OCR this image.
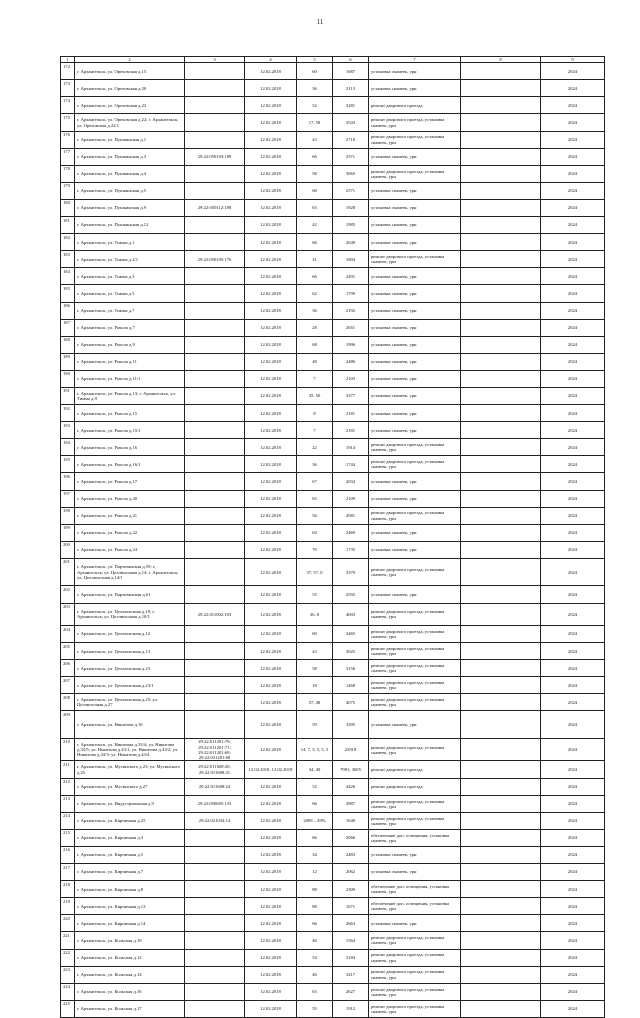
11
1	2	3	4	5	6	7	8	9
172	г. Архангельск, ул. Ореховская д.15		12.02.2018	60	1687	установка скамеек, урн		2024
173	г. Архангельск, ул. Ореховская д.20		12.02.2018	36	2113	установка скамеек, урн		2024
174	г. Архангельск, ул. Ореховская д.22		12.02.2018	52	3281	ремонт дворового проезда		2024
175	г. Архангельск, ул. Ореховская д.22; г. Архангельск, ул. Ореховская д.22/1		12.02.2018	17, 58	3543	ремонт дворового проезда, установка скамеек, урн		2024
176	г. Архангельск, ул. Пушкинская д.1		12.02.2018	43	2710	ремонт дворового проезда, установка скамеек, урн		2024
177	г. Архангельск, ул. Пушкинская д.3	29:22:050103:189	12.02.2018	66	2571	установка скамеек, урн		2024
178	г. Архангельск, ул. Пушкинская д.4		12.02.2018	58	3065	ремонт дворового проезда, установка скамеек, урн		2024
179	г. Архангельск, ул. Пушкинская д.5		12.02.2018	68	2571	установка скамеек, урн		2024
180	г. Архангельск, ул. Пушкинская д.9	29:22:050112:188	12.02.2018	63	1928	установка скамеек, урн		2024
181	г. Архангельск, ул. Пушкинская д.12		12.02.2018	42	1985	установка скамеек, урн		2024
182	г. Архангельск, ул. Тимма д.1		12.02.2018	66	2649	установка скамеек, урн		2024
183	г. Архангельск, ул. Тимма д.2/1	29:22:050105:176	12.02.2018	31	1804	ремонт дворового проезда, установка скамеек, урн		2024
184	г. Архангельск, ул. Тимма д.3		12.02.2018	66	2491	установка скамеек, урн		2024
185	г. Архангельск, ул. Тимма д.5		12.02.2018	62	1799	установка скамеек, урн		2024
186	г. Архангельск, ул. Тимма д.7		12.02.2018	36	2192	установка скамеек, урн		2024
187	г. Архангельск, ул. Рокола д.7		12.02.2018	28	2651	установка скамеек, урн		2024
188	г. Архангельск, ул. Рокола д.9		12.02.2018	68	1996	установка скамеек, урн		2024
189	г. Архангельск, ул. Рокола д.11		12.02.2018	48	2486	установка скамеек, урн		2024
190	г. Архангельск, ул. Рокола д.11/1		12.02.2018	7	2103	установка скамеек, урн		2024
191	г. Архангельск, ул. Рокола д.13; г. Архангельск, ул. Тимма д.9		12.02.2018	35, 50	3377	установка скамеек, урн		2024
192	г. Архангельск, ул. Рокола д.15		12.02.2018	8	2181	установка скамеек, урн		2024
193	г. Архангельск, ул. Рокола д.15/1		12.02.2018	7	2181	установка скамеек, урн		2024
194	г. Архангельск, ул. Рокола д.16		12.02.2018	22	1914	ремонт дворового проезда, установка скамеек, урн		2024
195	г. Архангельск, ул. Рокола д.16/1		12.02.2018	36	1744	ремонт дворового проезда, установка скамеек, урн		2024
196	г. Архангельск, ул. Рокола д.17		12.02.2018	67	2034	установка скамеек, урн		2024
197	г. Архангельск, ул. Рокола д.20		12.02.2018	65	2109	установка скамеек, урн		2024
198	г. Архангельск, ул. Рокола д.21		12.02.2018	56	2081	ремонт дворового проезда, установка скамеек, урн		2024
199	г. Архангельск, ул. Рокола д.22		12.02.2018	64	2469	установка скамеек, урн		2024
200	г. Архангельск, ул. Рокола д.24		12.02.2018	70	1735	установка скамеек, урн		2024
201	г. Архангельск, ул. Партизанская д.59; г. Архангельск, ул. Целлюлозная д.14; г. Архангельск, ул. Целлюлозная д.14/1		12.02.2018	37, 57, 0	3379	ремонт дворового проезда, установка скамеек, урн		2024
202	г. Архангельск, ул. Партизанская д.61		12.02.2018	55	2592	установка скамеек, урн		2024
203	г. Архангельск, ул. Целлюлозная д.10; г. Архангельск, ул. Целлюлозная д.10/1	29:22:011002:103	12.02.2018	36, 8	4003	ремонт дворового проезда, установка скамеек, урн		2024
204	г. Архангельск, ул. Целлюлозная д.12		12.02.2018	60	3465	ремонт дворового проезда, установка скамеек, урн		2024
205	г. Архангельск, ул. Целлюлозная д.13		12.02.2018	43	3025	ремонт дворового проезда, установка скамеек, урн		2024
206	г. Архангельск, ул. Целлюлозная д.23		12.02.2018	58	3156	ремонт дворового проезда, установка скамеек, урн		2024
207	г. Архангельск, ул. Целлюлозная д.23/1		12.02.2018	18	1468	ремонт дворового проезда, установка скамеек, урн		2024
208	г. Архангельск, ул. Целлюлозная д.25; ул. Целлюлозная д.27		12.02.2018	57, 48	4075	ремонт дворового проезда, установка скамеек, урн		2024
209	г. Архангельск, ул. Никитова д.16		12.02.2018	59	3305	установка скамеек, урн		2024
210	г. Архангельск, ул. Никитова д.33/4; ул. Никитова д.33/5; ул. Никитова д.43/1; ул. Никитова д.43/2; ул. Никитова д.43/3; ул. Никитова д.43/4	29:22:011201:70; 29:22:011201:71; 29:22:011201:69; 29:22:031201:68	12.02.2018	14, 7, 5, 5, 5, 5	22918	ремонт дворового проезда, установка скамеек, урн		2024
211	г. Архангельск, ул. Мусинского д.23; ул. Мусинского д.25	29:22:011608:20; 29:22:011608:21	12.02.2018, 12.02.2018	34, 40	7981; 3695	ремонт дворового проезда		2024
212	г. Архангельск, ул. Мусинского д.27	29:22:011608:24	12.02.2018	52	4426	ремонт дворового проезда		2024
213	г. Архангельск, ул. Индустриальная д.9	29:22:050605:133	12.02.2018	66	3987	ремонт дворового проезда, установка скамеек, урн		2024
214	г. Архангельск, ул. Кирпичная д.25	29:22:021034:14	12.02.2018	2009 – 49%	1640	ремонт дворового проезда, установка скамеек, урн		2024
215	г. Архангельск, ул. Кирпичная д.3		12.02.2018	66	2066	обеспечение доп. освещения, установка скамеек, урн		2024
216	г. Архангельск, ул. Кирпичная д.5		12.02.2018	34	2483	установка скамеек, урн		2024
217	г. Архангельск, ул. Кирпичная д.7		12.02.2018	12	2062	установка скамеек, урн		2024
218	г. Архангельск, ул. Кирпичная д.8		12.02.2018	88	2309	обеспечение доп. освещения, установка скамеек, урн		2024
219	г. Архангельск, ул. Кирпичная д.13		12.02.2018	88	1671	обеспечение доп. освещения, установка скамеек, урн		2024
220	г. Архангельск, ул. Кирпичная д.14		12.02.2018	66	2663	установка скамеек, урн		2024
221	г. Архангельск, ул. Кольская д.10		12.02.2018	46	1564	ремонт дворового проезда, установка скамеек, урн		2024
222	г. Архангельск, ул. Кольская д.12		12.02.2018	54	3184	ремонт дворового проезда, установка скамеек, урн		2024
223	г. Архангельск, ул. Кольская д.14		12.02.2018	46	3417	ремонт дворового проезда, установка скамеек, урн		2024
224	г. Архангельск, ул. Кольская д.16		12.02.2018	63	2627	ремонт дворового проезда, установка скамеек, урн		2024
225	г. Архангельск, ул. Кольская д.17		12.02.2018	55	1912	ремонт дворового проезда, установка скамеек, урн		2024
